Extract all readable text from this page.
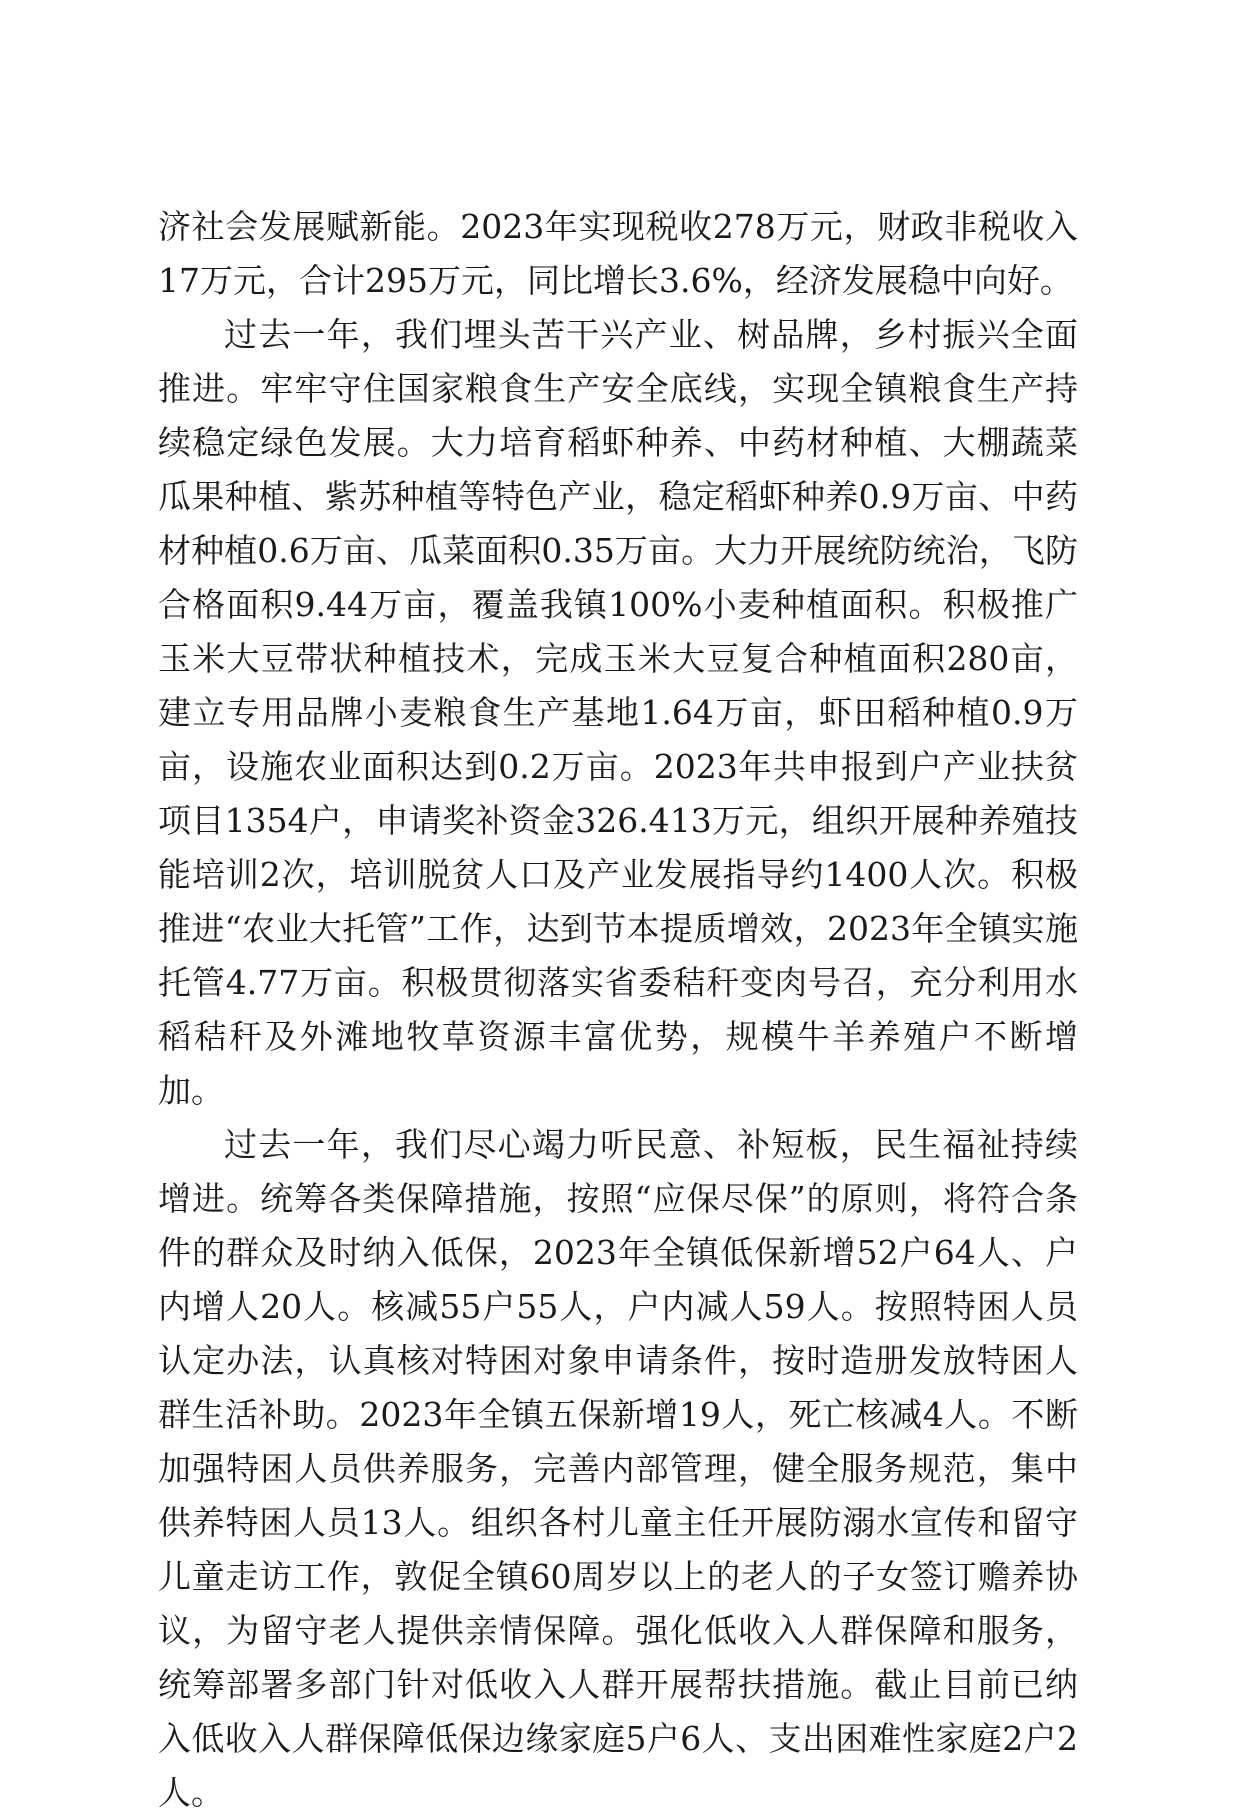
济社会发展赋新能。2023年实现税收278万元，财政非税收入17万元，合计295万元，同比增长3.6%，经济发展稳中向好。

过去一年，我们埋头苦干兴产业、树品牌，乡村振兴全面推进。牢牢守住国家粮食生产安全底线，实现全镇粮食生产持续稳定绿色发展。大力培育稻虾种养、中药材种植、大棚蔬菜瓜果种植、紫苏种植等特色产业，稳定稻虾种养0.9万亩、中药材种植0.6万亩、瓜菜面积0.35万亩。大力开展统防统治，飞防合格面积9.44万亩，覆盖我镇100%小麦种植面积。积极推广玉米大豆带状种植技术，完成玉米大豆复合种植面积280亩，建立专用品牌小麦粮食生产基地1.64万亩，虾田稻种植0.9万亩，设施农业面积达到0.2万亩。2023年共申报到户产业扶贫项目1354户，申请奖补资金326.413万元，组织开展种养殖技能培训2次，培训脱贫人口及产业发展指导约1400人次。积极推进“农业大托管”工作，达到节本提质增效，2023年全镇实施托管4.77万亩。积极贯彻落实省委秸秆变肉号召，充分利用水稻秸秆及外滩地牧草资源丰富优势，规模牛羊养殖户不断增加。

过去一年，我们尽心竭力听民意、补短板，民生福祉持续增进。统筹各类保障措施，按照“应保尽保”的原则，将符合条件的群众及时纳入低保，2023年全镇低保新增52户64人、户内增人20人。核减55户55人，户内减人59人。按照特困人员认定办法，认真核对特困对象申请条件，按时造册发放特困人群生活补助。2023年全镇五保新增19人，死亡核减4人。不断加强特困人员供养服务，完善内部管理，健全服务规范，集中供养特困人员13人。组织各村儿童主任开展防溺水宣传和留守儿童走访工作，敦促全镇60周岁以上的老人的子女签订赡养协议，为留守老人提供亲情保障。强化低收入人群保障和服务，统筹部署多部门针对低收入人群开展帮扶措施。截止目前已纳入低收入人群保障低保边缘家庭5户6人、支出困难性家庭2户2人。
